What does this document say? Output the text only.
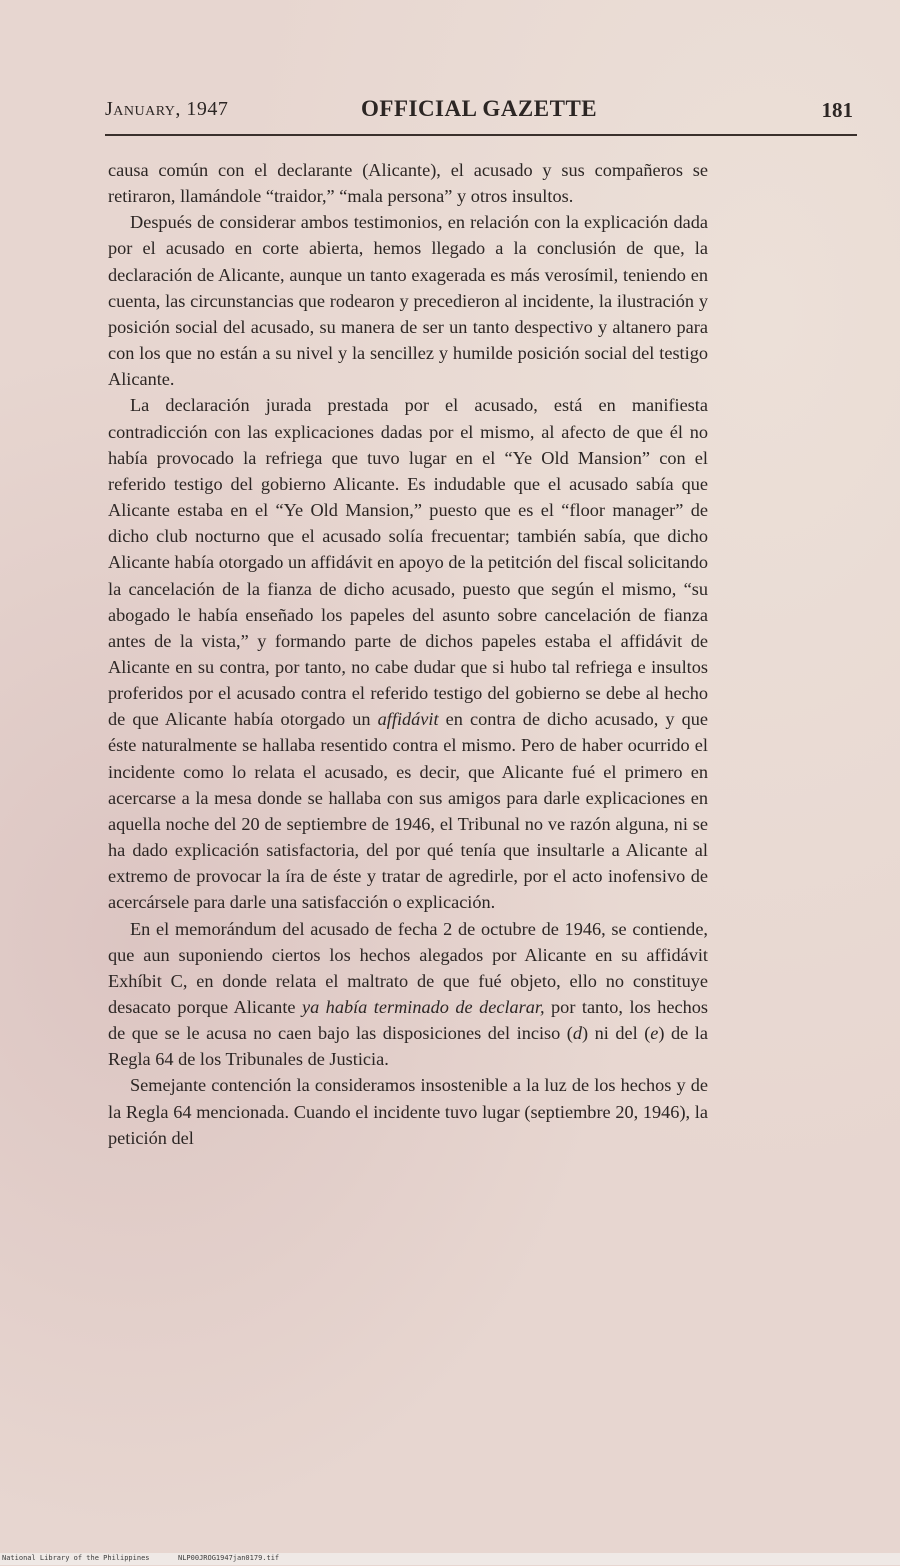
January, 1947	OFFICIAL GAZETTE	181

causa común con el declarante (Alicante), el acusado y sus compañeros se retiraron, llamándole “traidor,” “mala persona” y otros insultos.

Después de considerar ambos testimonios, en relación con la explicación dada por el acusado en corte abierta, hemos llegado a la conclusión de que, la declaración de Alicante, aunque un tanto exagerada es más verosímil, teniendo en cuenta, las circunstancias que rodearon y precedieron al incidente, la ilustración y posición social del acusado, su manera de ser un tanto despectivo y altanero para con los que no están a su nivel y la sencillez y humilde posición social del testigo Alicante.

La declaración jurada prestada por el acusado, está en manifiesta contradicción con las explicaciones dadas por el mismo, al afecto de que él no había provocado la refriega que tuvo lugar en el “Ye Old Mansion” con el referido testigo del gobierno Alicante. Es indudable que el acusado sabía que Alicante estaba en el “Ye Old Mansion,” puesto que es el “floor manager” de dicho club nocturno que el acusado solía frecuentar; también sabía, que dicho Alicante había otorgado un affidávit en apoyo de la petitción del fiscal solicitando la cancelación de la fianza de dicho acusado, puesto que según el mismo, “su abogado le había enseñado los papeles del asunto sobre cancelación de fianza antes de la vista,” y formando parte de dichos papeles estaba el affidávit de Alicante en su contra, por tanto, no cabe dudar que si hubo tal refriega e insultos proferidos por el acusado contra el referido testigo del gobierno se debe al hecho de que Alicante había otorgado un affidávit en contra de dicho acusado, y que éste naturalmente se hallaba resentido contra el mismo. Pero de haber ocurrido el incidente como lo relata el acusado, es decir, que Alicante fué el primero en acercarse a la mesa donde se hallaba con sus amigos para darle explicaciones en aquella noche del 20 de septiembre de 1946, el Tribunal no ve razón alguna, ni se ha dado explicación satisfactoria, del por qué tenía que insultarle a Alicante al extremo de provocar la íra de éste y tratar de agredirle, por el acto inofensivo de acercársele para darle una satisfacción o explicación.

En el memorándum del acusado de fecha 2 de octubre de 1946, se contiende, que aun suponiendo ciertos los hechos alegados por Alicante en su affidávit Exhíbit C, en donde relata el maltrato de que fué objeto, ello no constituye desacato porque Alicante ya había terminado de declarar, por tanto, los hechos de que se le acusa no caen bajo las disposiciones del inciso (d) ni del (e) de la Regla 64 de los Tribunales de Justicia.

Semejante contención la consideramos insostenible a la luz de los hechos y de la Regla 64 mencionada. Cuando el incidente tuvo lugar (septiembre 20, 1946), la petición del

National Library of the Philippines	NLP00JROG1947jan0179.tif
